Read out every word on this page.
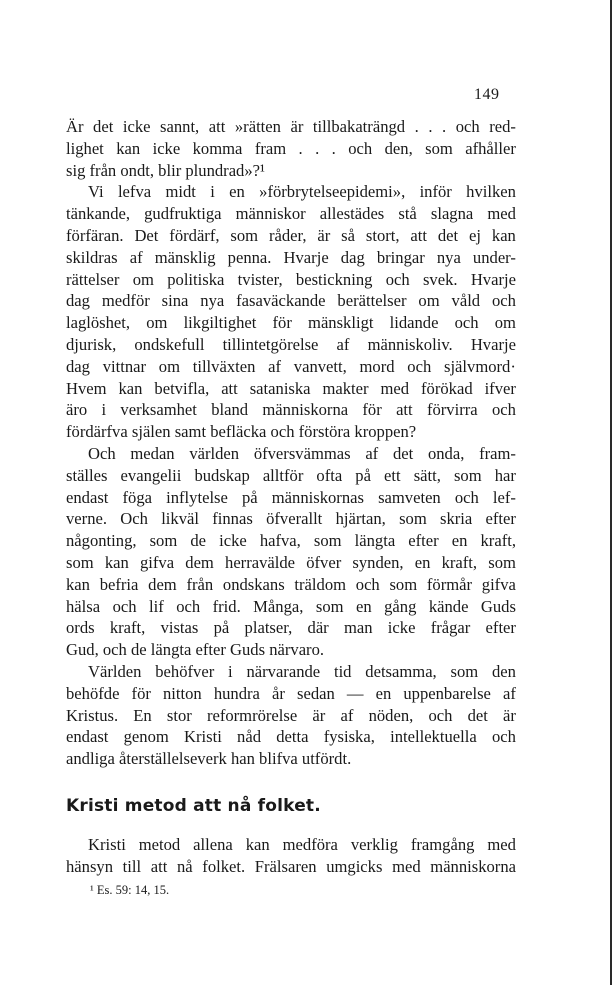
149
Är det icke sannt, att »rätten är tillbakaträngd . . . och red-
lighet kan icke komma fram . . . och den, som afhåller
sig från ondt, blir plundrad»?¹
Vi lefva midt i en »förbrytelseepidemi», inför hvilken
tänkande, gudfruktiga människor allestädes stå slagna med
förfäran. Det fördärf, som råder, är så stort, att det ej kan
skildras af mänsklig penna. Hvarje dag bringar nya under-
rättelser om politiska tvister, bestickning och svek. Hvarje
dag medför sina nya fasaväckande berättelser om våld och
laglöshet, om likgiltighet för mänskligt lidande och om
djurisk, ondskefull tillintetgörelse af människoliv. Hvarje
dag vittnar om tillväxten af vanvett, mord och självmord·
Hvem kan betvifla, att sataniska makter med förökad ifver
äro i verksamhet bland människorna för att förvirra och
fördärfva själen samt befläcka och förstöra kroppen?
Och medan världen öfversvämmas af det onda, fram-
ställes evangelii budskap alltför ofta på ett sätt, som har
endast föga inflytelse på människornas samveten och lef-
verne. Och likväl finnas öfverallt hjärtan, som skria efter
någonting, som de icke hafva, som längta efter en kraft,
som kan gifva dem herravälde öfver synden, en kraft, som
kan befria dem från ondskans träldom och som förmår gifva
hälsa och lif och frid. Många, som en gång kände Guds
ords kraft, vistas på platser, där man icke frågar efter
Gud, och de längta efter Guds närvaro.
Världen behöfver i närvarande tid detsamma, som den
behöfde för nitton hundra år sedan — en uppenbarelse af
Kristus. En stor reformrörelse är af nöden, och det är
endast genom Kristi nåd detta fysiska, intellektuella och
andliga återställelseverk han blifva utfördt.
Kristi metod att nå folket.
Kristi metod allena kan medföra verklig framgång med
hänsyn till att nå folket. Frälsaren umgicks med människorna
¹ Es. 59: 14, 15.
